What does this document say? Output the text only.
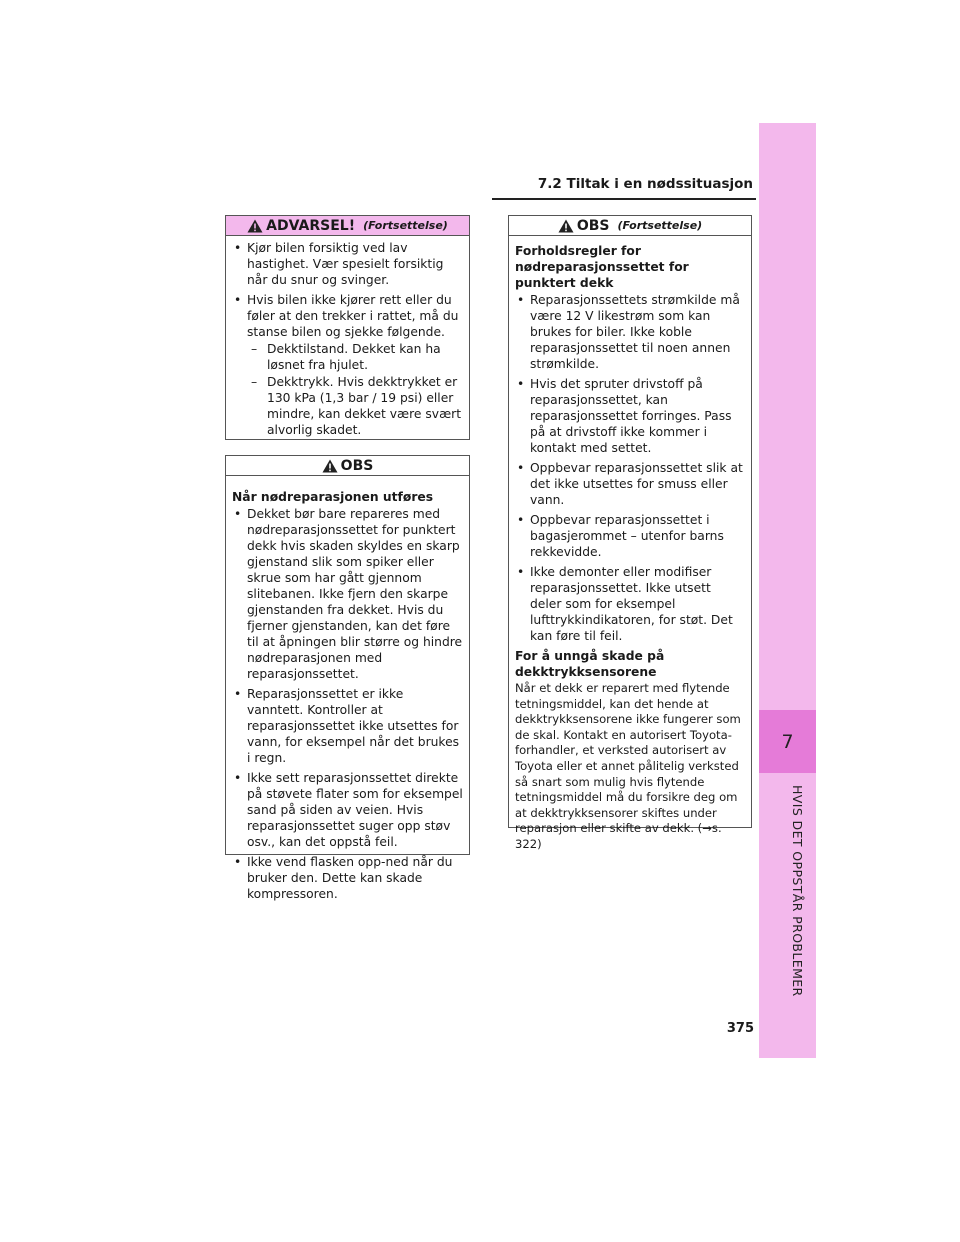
7.2 Tiltak i en nødssituasjon
7
HVIS DET OPPSTÅR PROBLEMER
375
ADVARSEL! (Fortsettelse)
• Kjør bilen forsiktig ved lav hastighet. Vær spesielt forsiktig når du snur og svinger.
• Hvis bilen ikke kjører rett eller du føler at den trekker i rattet, må du stanse bilen og sjekke følgende.
– Dekktilstand. Dekket kan ha løsnet fra hjulet.
– Dekktrykk. Hvis dekktrykket er 130 kPa (1,3 bar / 19 psi) eller mindre, kan dekket være svært alvorlig skadet.
OBS
Når nødreparasjonen utføres
• Dekket bør bare repareres med nødreparasjonssettet for punktert dekk hvis skaden skyldes en skarp gjenstand slik som spiker eller skrue som har gått gjennom slitebanen. Ikke fjern den skarpe gjenstanden fra dekket. Hvis du fjerner gjenstanden, kan det føre til at åpningen blir større og hindre nødreparasjonen med reparasjonssettet.
• Reparasjonssettet er ikke vanntett. Kontroller at reparasjonssettet ikke utsettes for vann, for eksempel når det brukes i regn.
• Ikke sett reparasjonssettet direkte på støvete flater som for eksempel sand på siden av veien. Hvis reparasjonssettet suger opp støv osv., kan det oppstå feil.
• Ikke vend flasken opp-ned når du bruker den. Dette kan skade kompressoren.
OBS (Fortsettelse)
Forholdsregler for nødreparasjonssettet for punktert dekk
• Reparasjonssettets strømkilde må være 12 V likestrøm som kan brukes for biler. Ikke koble reparasjonssettet til noen annen strømkilde.
• Hvis det spruter drivstoff på reparasjonssettet, kan reparasjonssettet forringes. Pass på at drivstoff ikke kommer i kontakt med settet.
• Oppbevar reparasjonssettet slik at det ikke utsettes for smuss eller vann.
• Oppbevar reparasjonssettet i bagasjerommet – utenfor barns rekkevidde.
• Ikke demonter eller modifiser reparasjonssettet. Ikke utsett deler som for eksempel lufttrykkindikatoren, for støt. Det kan føre til feil.
For å unngå skade på dekktrykksensorene
Når et dekk er reparert med flytende tetningsmiddel, kan det hende at dekktrykksensorene ikke fungerer som de skal. Kontakt en autorisert Toyota-forhandler, et verksted autorisert av Toyota eller et annet pålitelig verksted så snart som mulig hvis flytende tetningsmiddel må du forsikre deg om at dekktrykksensorer skiftes under reparasjon eller skifte av dekk. (→s. 322)
